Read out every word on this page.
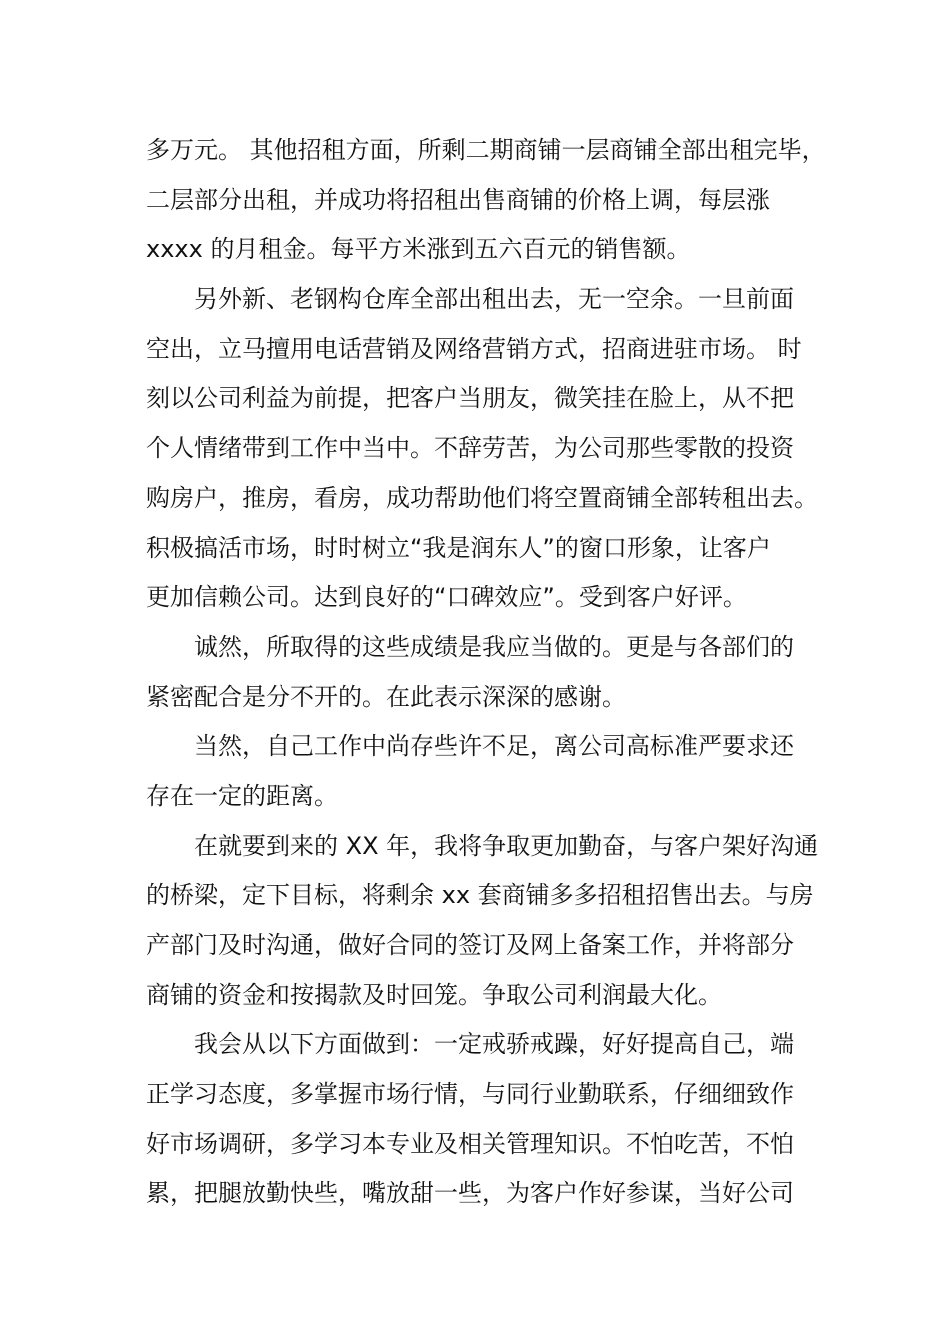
多万元。 其他招租方面，所剩二期商铺一层商铺全部出租完毕，
二层部分出租，并成功将招租出售商铺的价格上调，每层涨
xxxx 的月租金。每平方米涨到五六百元的销售额。
另外新、老钢构仓库全部出租出去，无一空余。一旦前面
空出，立马擅用电话营销及网络营销方式，招商进驻市场。 时
刻以公司利益为前提，把客户当朋友，微笑挂在脸上，从不把
个人情绪带到工作中当中。不辞劳苦，为公司那些零散的投资
购房户，推房，看房，成功帮助他们将空置商铺全部转租出去。
积极搞活市场，时时树立“我是润东人”的窗口形象，让客户
更加信赖公司。达到良好的“口碑效应”。受到客户好评。
诚然，所取得的这些成绩是我应当做的。更是与各部们的
紧密配合是分不开的。在此表示深深的感谢。
当然，自己工作中尚存些许不足，离公司高标准严要求还
存在一定的距离。
在就要到来的 XX 年，我将争取更加勤奋，与客户架好沟通
的桥梁，定下目标，将剩余 xx 套商铺多多招租招售出去。与房
产部门及时沟通，做好合同的签订及网上备案工作，并将部分
商铺的资金和按揭款及时回笼。争取公司利润最大化。
我会从以下方面做到：一定戒骄戒躁，好好提高自己，端
正学习态度，多掌握市场行情，与同行业勤联系，仔细细致作
好市场调研，多学习本专业及相关管理知识。不怕吃苦，不怕
累，把腿放勤快些，嘴放甜一些，为客户作好参谋，当好公司
